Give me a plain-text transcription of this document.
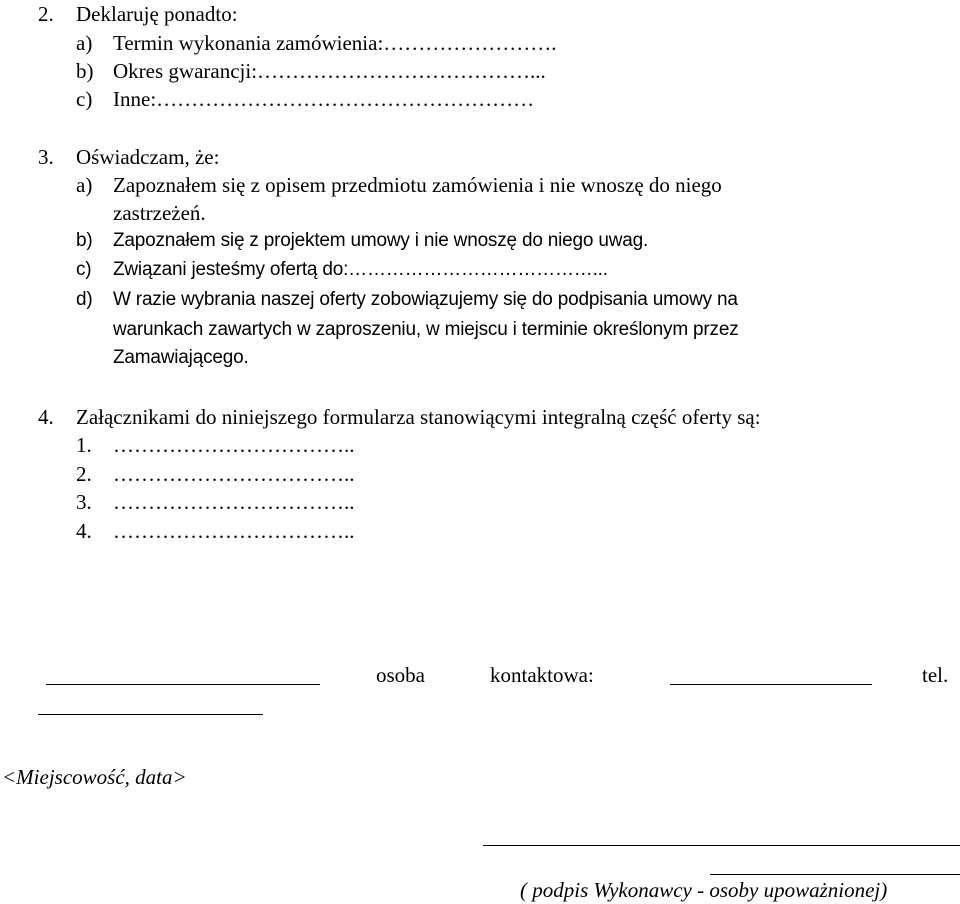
2. Deklaruję ponadto:
a) Termin wykonania zamówienia:…………………….
b) Okres gwarancji:…………………………………...
c) Inne:………………………………………………
3. Oświadczam, że:
a) Zapoznałem się z opisem przedmiotu zamówienia i nie wnoszę do niego
zastrzeżeń.
b) Zapoznałem się z projektem umowy i nie wnoszę do niego uwag.
c) Związani jesteśmy ofertą do:…………………………………...
d) W razie wybrania naszej oferty zobowiązujemy się do podpisania umowy na
warunkach zawartych w zaproszeniu, w miejscu i terminie określonym przez
Zamawiającego.
4. Załącznikami do niniejszego formularza stanowiącymi integralną część oferty są:
1. ……………………………..
2. ……………………………..
3. ……………………………..
4. ……………………………..
osoba	kontaktowa:	tel.
<Miejscowość, data>
( podpis Wykonawcy - osoby upoważnionej)
